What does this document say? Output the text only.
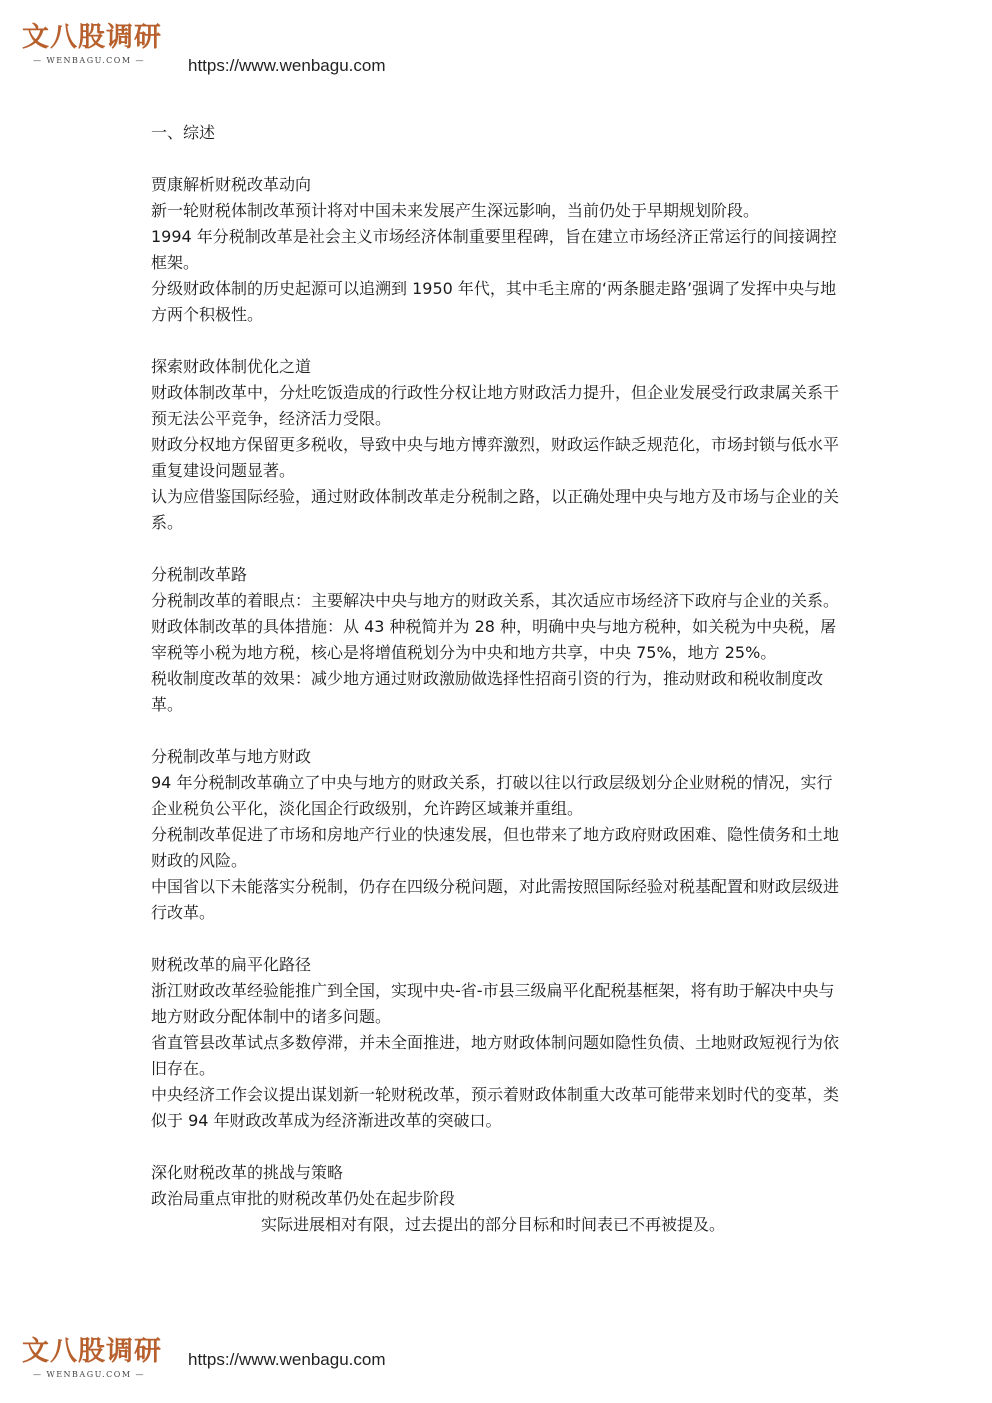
文八股调研
— WENBAGU.COM —	https://www.wenbagu.com

一、综述

贾康解析财税改革动向

新一轮财税体制改革预计将对中国未来发展产生深远影响，当前仍处于早期规划阶段。

1994 年分税制改革是社会主义市场经济体制重要里程碑，旨在建立市场经济正常运行的间接调控框架。

分级财政体制的历史起源可以追溯到 1950 年代，其中毛主席的‘两条腿走路’强调了发挥中央与地方两个积极性。

探索财政体制优化之道

财政体制改革中，分灶吃饭造成的行政性分权让地方财政活力提升，但企业发展受行政隶属关系干预无法公平竞争，经济活力受限。

财政分权地方保留更多税收，导致中央与地方博弈激烈，财政运作缺乏规范化，市场封锁与低水平重复建设问题显著。

认为应借鉴国际经验，通过财政体制改革走分税制之路，以正确处理中央与地方及市场与企业的关系。

分税制改革路

分税制改革的着眼点：主要解决中央与地方的财政关系，其次适应市场经济下政府与企业的关系。

财政体制改革的具体措施：从 43 种税简并为 28 种，明确中央与地方税种，如关税为中央税，屠宰税等小税为地方税，核心是将增值税划分为中央和地方共享，中央 75%，地方 25%。

税收制度改革的效果：减少地方通过财政激励做选择性招商引资的行为，推动财政和税收制度改革。

分税制改革与地方财政

94 年分税制改革确立了中央与地方的财政关系，打破以往以行政层级划分企业财税的情况，实行企业税负公平化，淡化国企行政级别，允许跨区域兼并重组。

分税制改革促进了市场和房地产行业的快速发展，但也带来了地方政府财政困难、隐性债务和土地财政的风险。

中国省以下未能落实分税制，仍存在四级分税问题，对此需按照国际经验对税基配置和财政层级进行改革。

财税改革的扁平化路径

浙江财政改革经验能推广到全国，实现中央-省-市县三级扁平化配税基框架，将有助于解决中央与地方财政分配体制中的诸多问题。

省直管县改革试点多数停滞，并未全面推进，地方财政体制问题如隐性负债、土地财政短视行为依旧存在。

中央经济工作会议提出谋划新一轮财税改革，预示着财政体制重大改革可能带来划时代的变革，类似于 94 年财政改革成为经济渐进改革的突破口。

深化财税改革的挑战与策略

政治局重点审批的财税改革仍处在起步阶段

实际进展相对有限，过去提出的部分目标和时间表已不再被提及。

文八股调研
— WENBAGU.COM —
https://www.wenbagu.com
